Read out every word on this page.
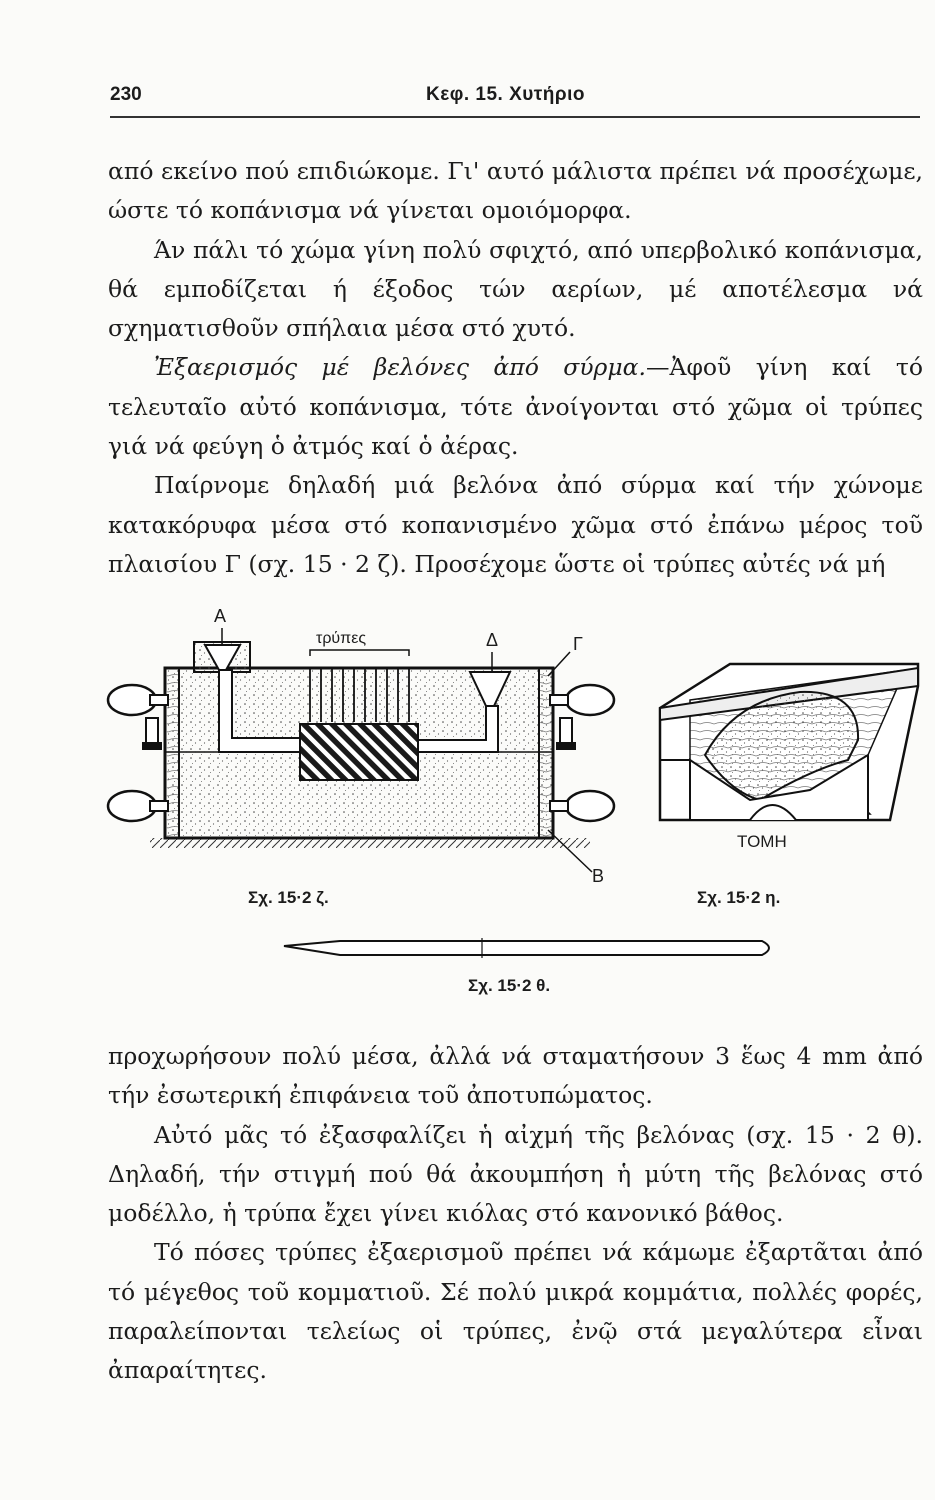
230	Κεφ. 15. Χυτήριο

από εκείνο πού επιδιώκομε. Γι' αυτό μάλιστα πρέπει νά προσέχωμε, ώστε τό κοπάνισμα νά γίνεται ομοιόμορφα.

Άν πάλι τό χώμα γίνη πολύ σφιχτό, από υπερβολικό κοπάνισμα, θά εμποδίζεται ή έξοδος τών αερίων, μέ αποτέλεσμα νά σχηματισθοῦν σπήλαια μέσα στό χυτό.

Ἐξαερισμός μέ βελόνες ἀπό σύρμα.—Ἀφοῦ γίνη καί τό τελευταῖο αὐτό κοπάνισμα, τότε ἀνοίγονται στό χῶμα οἱ τρύπες γιά νά φεύγη ὁ ἀτμός καί ὁ ἀέρας.

Παίρνομε δηλαδή μιά βελόνα ἀπό σύρμα καί τήν χώνομε κατακόρυφα μέσα στό κοπανισμένο χῶμα στό ἐπάνω μέρος τοῦ πλαισίου Γ (σχ. 15 · 2 ζ). Προσέχομε ὥστε οἱ τρύπες αὐτές νά μή

Α
τρύπες	Δ	Γ
Β
Σχ. 15·2 ζ.
ΤΟΜΗ
Σχ. 15·2 η.
Σχ. 15·2 θ.

προχωρήσουν πολύ μέσα, ἀλλά νά σταματήσουν 3 ἕως 4 mm ἀπό τήν ἐσωτερική ἐπιφάνεια τοῦ ἀποτυπώματος.

Αὐτό μᾶς τό ἐξασφαλίζει ἡ αἰχμή τῆς βελόνας (σχ. 15 · 2 θ). Δηλαδή, τήν στιγμή πού θά ἀκουμπήση ἡ μύτη τῆς βελόνας στό μοδέλλο, ἡ τρύπα ἔχει γίνει κιόλας στό κανονικό βάθος.

Τό πόσες τρύπες ἐξαερισμοῦ πρέπει νά κάμωμε ἐξαρτᾶται ἀπό τό μέγεθος τοῦ κομματιοῦ. Σέ πολύ μικρά κομμάτια, πολλές φορές, παραλείπονται τελείως οἱ τρύπες, ἐνῷ στά μεγαλύτερα εἶναι ἀπαραίτητες.
